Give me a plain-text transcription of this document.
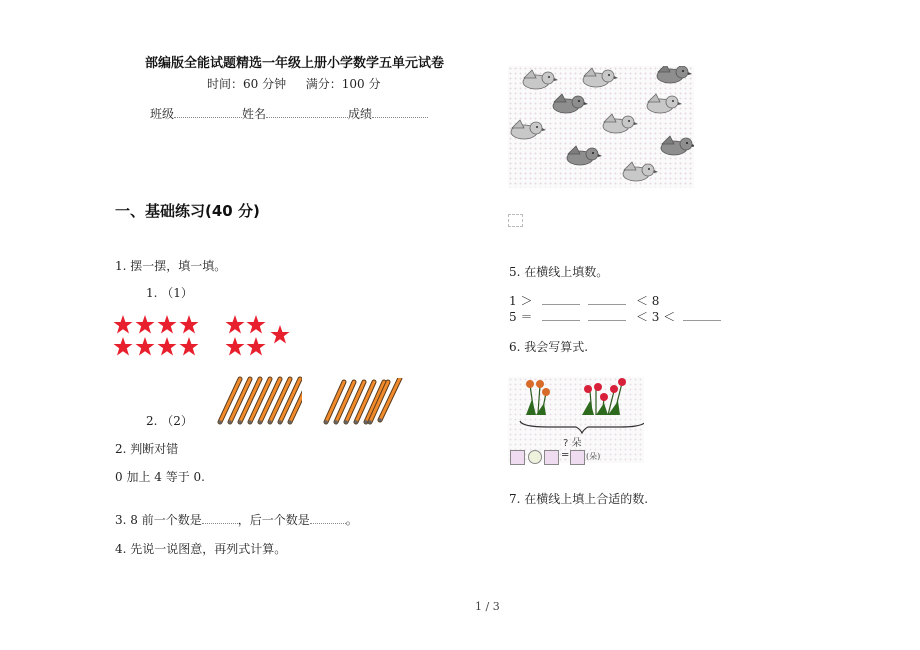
部编版全能试题精选一年级上册小学数学五单元试卷
时间：60 分钟 满分：100 分
班级	姓名	成绩
一、基础练习(40 分)
1. 摆一摆，填一填。
1. （1）
2. （2）
2. 判断对错
0 加上 4 等于 0.
3. 8 前一个数是	，后一个数是	。
4. 先说一说图意，再列式计算。
5. 在横线上填数。
1 ＞	＜ 8
5 ＝	＜ 3 ＜
6. 我会写算式.
? 朵
= (朵)
7. 在横线上填上合适的数.
1 / 3
